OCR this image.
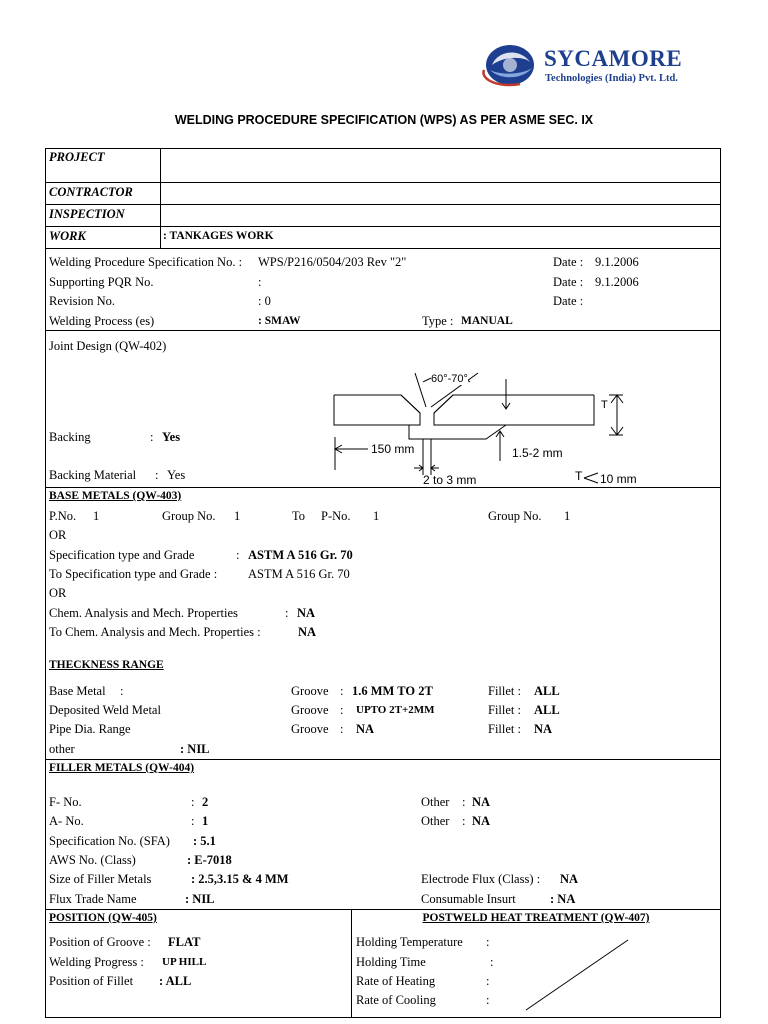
SYCAMORE
Technologies (India) Pvt. Ltd.
WELDING PROCEDURE SPECIFICATION (WPS) AS PER ASME SEC. IX
PROJECT
CONTRACTOR
INSPECTION
WORK	: TANKAGES WORK
Welding Procedure Specification No. : WPS/P216/0504/203 Rev "2"	Date : 9.1.2006
Supporting PQR No.	:	Date : 9.1.2006
Revision No.	: 0	Date :
Welding Process (es)	: SMAW	Type : MANUAL
Joint Design (QW-402)
60°-70°
T
1.5-2 mm
150 mm
2 to 3 mm	T 10 mm
Backing	: Yes
Backing Material : Yes
BASE METALS (QW-403)
P.No. 1	Group No. 1	To P-No. 1	Group No. 1
OR
Specification type and Grade	: ASTM A 516 Gr. 70
To Specification type and Grade : ASTM A 516 Gr. 70
OR
Chem. Analysis and Mech. Properties	: NA
To Chem. Analysis and Mech. Properties :	NA
THECKNESS RANGE
Base Metal :	Groove : 1.6 MM TO 2T	Fillet : ALL
Deposited Weld Metal	Groove : UPTO 2T+2MM	Fillet : ALL
Pipe Dia. Range	Groove : NA	Fillet : NA
other	: NIL
FILLER METALS (QW-404)
F- No.	: 2	Other : NA
A- No.	: 1	Other : NA
Specification No. (SFA) : 5.1
AWS No. (Class)	: E-7018
Size of Filler Metals	: 2.5,3.15 & 4 MM	Electrode Flux (Class) : NA
Flux Trade Name	: NIL	Consumable Insurt	: NA
POSITION (QW-405)
Position of Groove : FLAT
Welding Progress : UP HILL
Position of Fillet : ALL
POSTWELD HEAT TREATMENT (QW-407)
Holding Temperature :
Holding Time	:
Rate of Heating	:
Rate of Cooling	:
